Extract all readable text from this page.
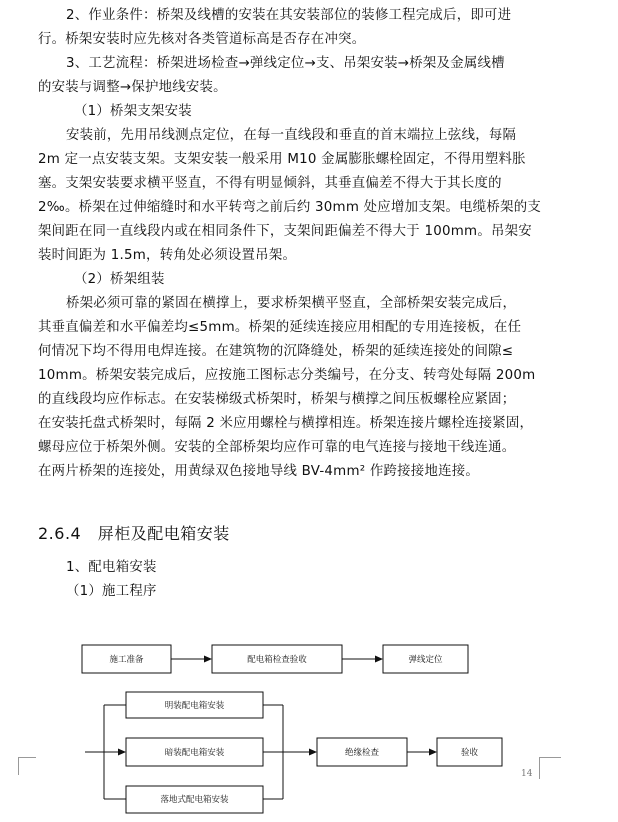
2、作业条件：桥架及线槽的安装在其安装部位的装修工程完成后，即可进
行。桥架安装时应先核对各类管道标高是否存在冲突。
3、工艺流程：桥架进场检查→弹线定位→支、吊架安装→桥架及金属线槽
的安装与调整→保护地线安装。
（1）桥架支架安装
安装前，先用吊线测点定位，在每一直线段和垂直的首末端拉上弦线，每隔
2m 定一点安装支架。支架安装一般采用 M10 金属膨胀螺栓固定，不得用塑料胀
塞。支架安装要求横平竖直，不得有明显倾斜，其垂直偏差不得大于其长度的
2‰。桥架在过伸缩缝时和水平转弯之前后约 30mm 处应增加支架。电缆桥架的支
架间距在同一直线段内或在相同条件下，支架间距偏差不得大于 100mm。吊架安
装时间距为 1.5m，转角处必须设置吊架。
（2）桥架组装
桥架必须可靠的紧固在横撑上，要求桥架横平竖直，全部桥架安装完成后，
其垂直偏差和水平偏差均≤5mm。桥架的延续连接应用相配的专用连接板，在任
何情况下均不得用电焊连接。在建筑物的沉降缝处，桥架的延续连接处的间隙≤
10mm。桥架安装完成后，应按施工图标志分类编号，在分支、转弯处每隔 200m
的直线段均应作标志。在安装梯级式桥架时，桥架与横撑之间压板螺栓应紧固；
在安装托盘式桥架时，每隔 2 米应用螺栓与横撑相连。桥架连接片螺栓连接紧固，
螺母应位于桥架外侧。安装的全部桥架均应作可靠的电气连接与接地干线连通。
在两片桥架的连接处，用黄绿双色接地导线 BV-4mm² 作跨接接地连接。
2.6.4　屏柜及配电箱安装
1、配电箱安装
（1）施工程序
施工准备	配电箱检查验收	弹线定位
明装配电箱安装
暗装配电箱安装
落地式配电箱安装
绝缘检查	验收
14
